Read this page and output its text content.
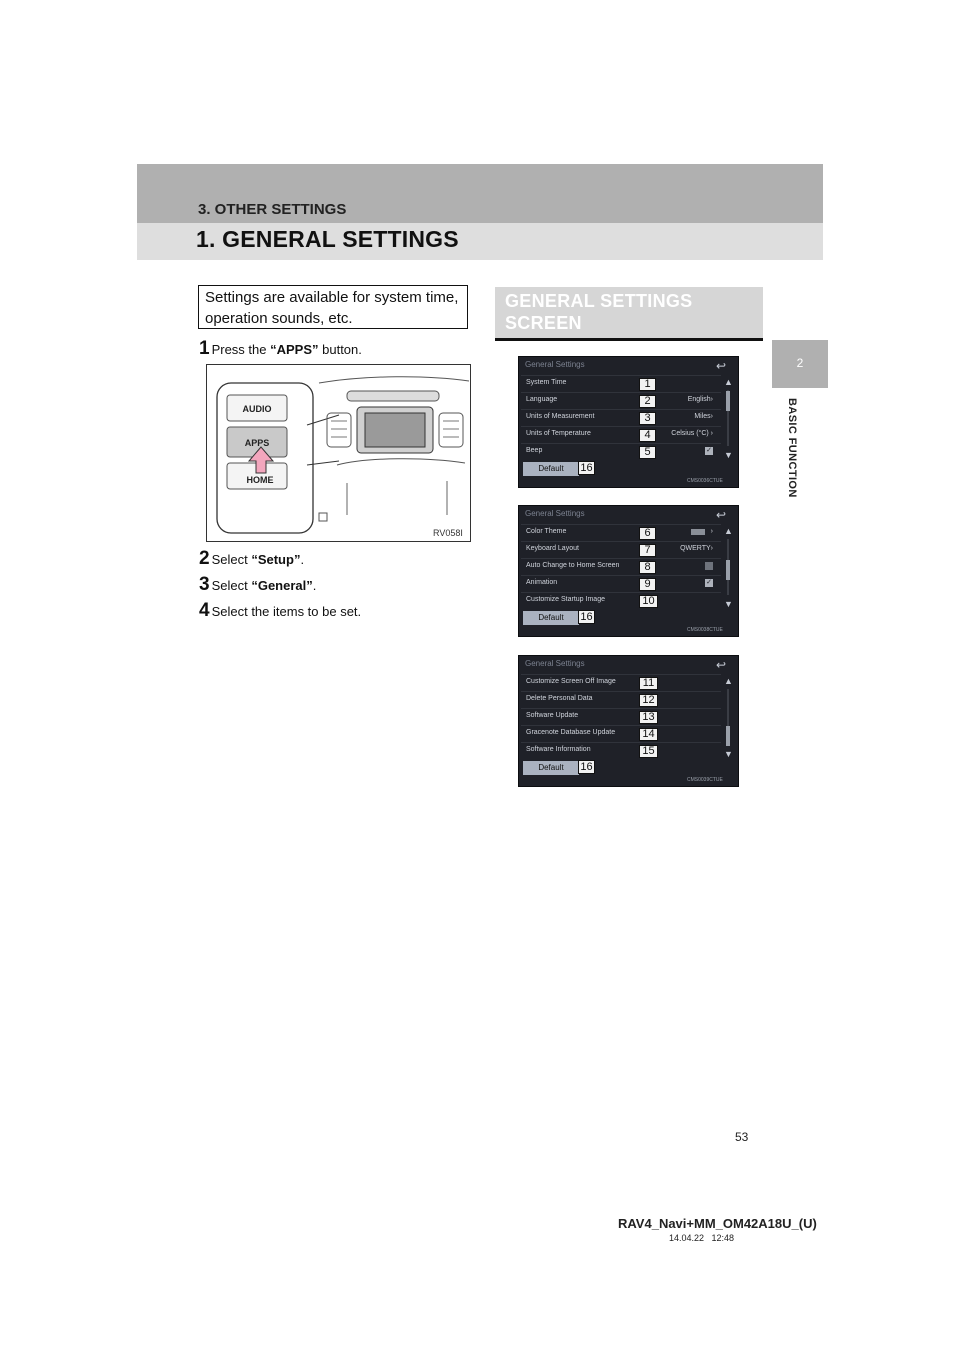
3. OTHER SETTINGS
1. GENERAL SETTINGS
2
BASIC FUNCTION
Settings are available for system time, operation sounds, etc.
1 Press the “APPS” button.
AUDIO
APPS
HOME
RV058I
2 Select “Setup”.
3 Select “General”.
4 Select the items to be set.
GENERAL SETTINGS
SCREEN
General Settings	↩
System Time	1
Language	2	English›
Units of Measurement	3	Miles›
Units of Temperature	4	Celsius (°C) ›
Beep	5	✓
▲
▼
Default	16
CMS0036CTUE
General Settings	↩
Color Theme	6	›
Keyboard Layout	7	QWERTY›
Auto Change to Home Screen	8
Animation	9	✓
Customize Startup Image	10
▲
▼
Default	16
CMS0038CTUE
General Settings	↩
Customize Screen Off Image	11
Delete Personal Data	12
Software Update	13
Gracenote Database Update	14
Software Information	15
▲
▼
Default	16
CMS0039CTUE
53
RAV4_Navi+MM_OM42A18U_(U)
14.04.22   12:48
